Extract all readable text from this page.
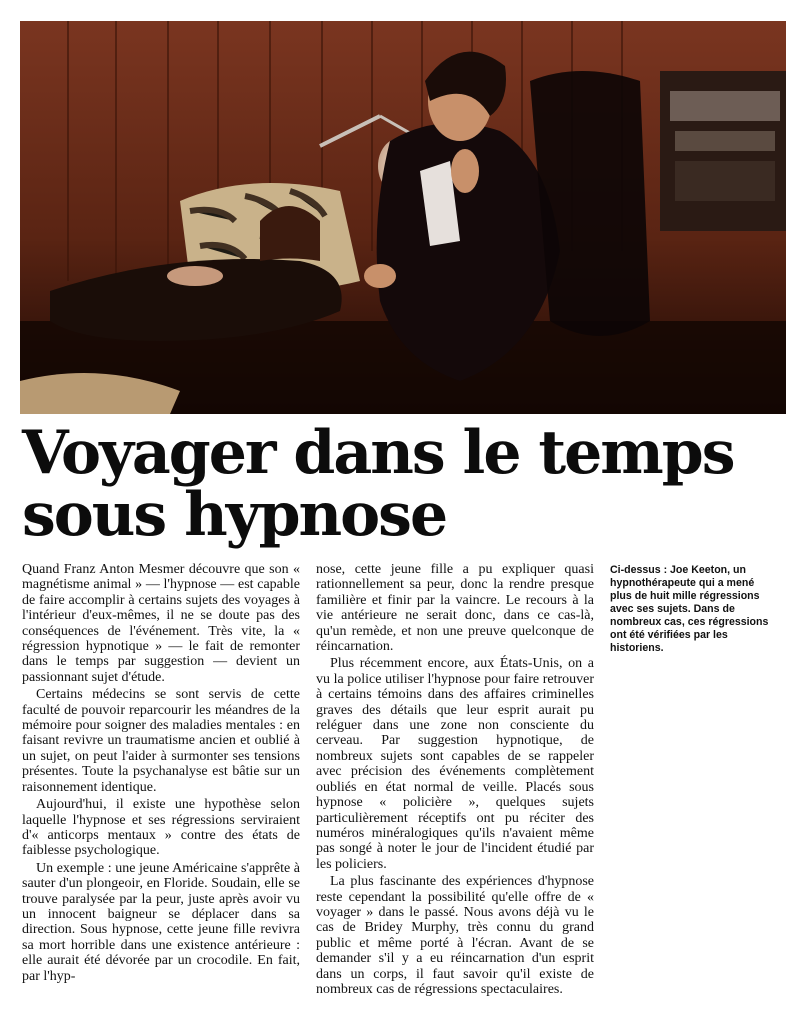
Voyager dans le temps
sous hypnose

Quand Franz Anton Mesmer découvre que son « magnétisme animal » — l'hypnose — est capable de faire accomplir à certains sujets des voyages à l'intérieur d'eux-mêmes, il ne se doute pas des conséquences de l'événement. Très vite, la « régression hypnotique » — le fait de remonter dans le temps par suggestion — devient un passionnant sujet d'étude.

Certains médecins se sont servis de cette faculté de pouvoir reparcourir les méandres de la mémoire pour soigner des maladies mentales : en faisant revivre un traumatisme ancien et oublié à un sujet, on peut l'aider à surmonter ses tensions présentes. Toute la psychanalyse est bâtie sur un raisonnement identique.

Aujourd'hui, il existe une hypothèse selon laquelle l'hypnose et ses régressions serviraient d'« anticorps mentaux » contre des états de faiblesse psychologique.

Un exemple : une jeune Américaine s'apprête à sauter d'un plongeoir, en Floride. Soudain, elle se trouve paralysée par la peur, juste après avoir vu un innocent baigneur se déplacer dans sa direction. Sous hypnose, cette jeune fille revivra sa mort horrible dans une existence antérieure : elle aurait été dévorée par un crocodile. En fait, par l'hyp-

nose, cette jeune fille a pu expliquer quasi rationnellement sa peur, donc la rendre presque familière et finir par la vaincre. Le recours à la vie antérieure ne serait donc, dans ce cas-là, qu'un remède, et non une preuve quelconque de réincarnation.

Plus récemment encore, aux États-Unis, on a vu la police utiliser l'hypnose pour faire retrouver à certains témoins dans des affaires criminelles graves des détails que leur esprit aurait pu reléguer dans une zone non consciente du cerveau. Par suggestion hypnotique, de nombreux sujets sont capables de se rappeler avec précision des événements complètement oubliés en état normal de veille. Placés sous hypnose « policière », quelques sujets particulièrement réceptifs ont pu réciter des numéros minéralogiques qu'ils n'avaient même pas songé à noter le jour de l'incident étudié par les policiers.

La plus fascinante des expériences d'hypnose reste cependant la possibilité qu'elle offre de « voyager » dans le passé. Nous avons déjà vu le cas de Bridey Murphy, très connu du grand public et même porté à l'écran. Avant de se demander s'il y a eu réincarnation d'un esprit dans un corps, il faut savoir qu'il existe de nombreux cas de régressions spectaculaires.

Ci-dessus : Joe Keeton, un hypnothérapeute qui a mené plus de huit mille régressions avec ses sujets. Dans de nombreux cas, ces régressions ont été vérifiées par les historiens.
